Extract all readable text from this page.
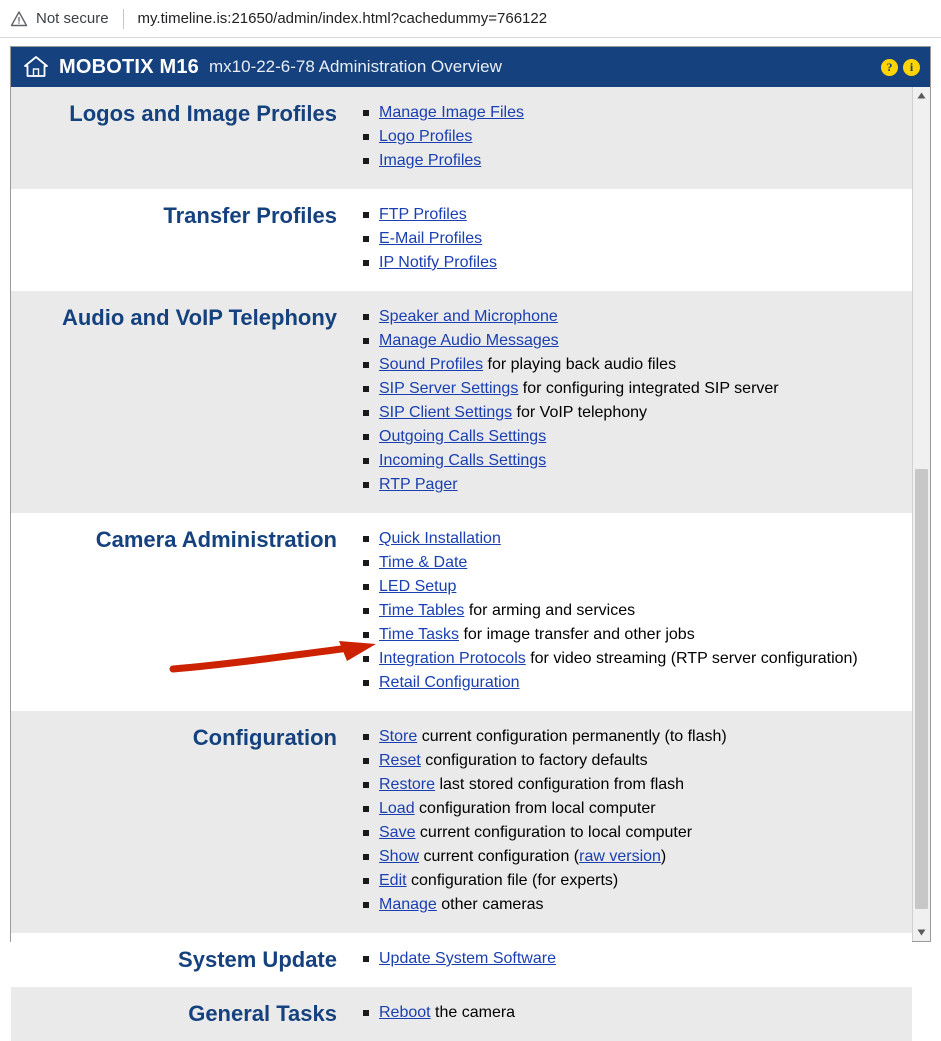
Not secure my.timeline.is:21650/admin/index.html?cachedummy=766122
MOBOTIX M16 mx10-22-6-78 Administration Overview	?	i
Logos and Image Profiles	Manage Image Files
Logo Profiles
Image Profiles
Transfer Profiles	FTP Profiles
E-Mail Profiles
IP Notify Profiles
Audio and VoIP Telephony	Speaker and Microphone
Manage Audio Messages
Sound Profiles for playing back audio files
SIP Server Settings for configuring integrated SIP server
SIP Client Settings for VoIP telephony
Outgoing Calls Settings
Incoming Calls Settings
RTP Pager
Camera Administration	Quick Installation
Time & Date
LED Setup
Time Tables for arming and services
Time Tasks for image transfer and other jobs
Integration Protocols for video streaming (RTP server configuration)
Retail Configuration
Configuration	Store current configuration permanently (to flash)
Reset configuration to factory defaults
Restore last stored configuration from flash
Load configuration from local computer
Save current configuration to local computer
Show current configuration (raw version)
Edit configuration file (for experts)
Manage other cameras
System Update	Update System Software
General Tasks	Reboot the camera
